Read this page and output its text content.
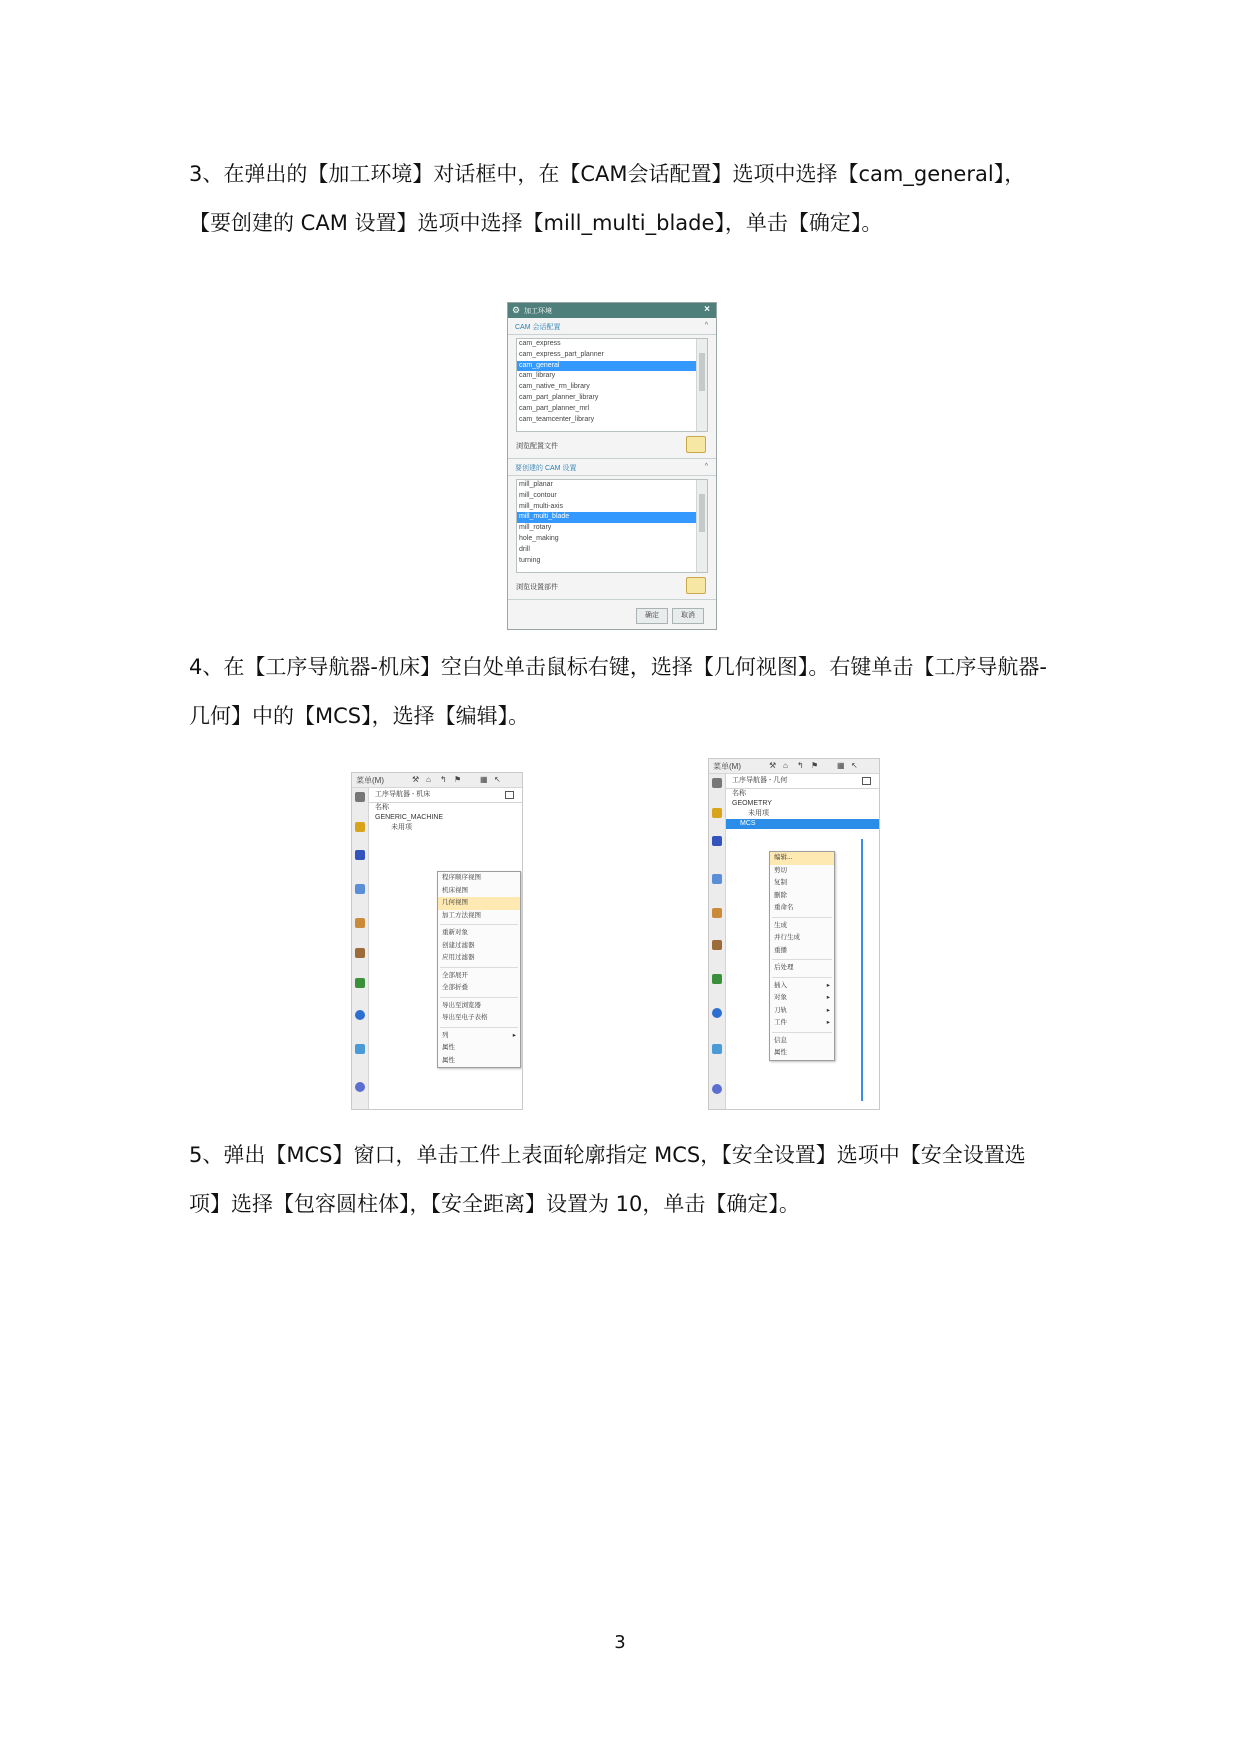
3、在弹出的【加工环境】对话框中，在【CAM会话配置】选项中选择【cam_general】，【要创建的 CAM 设置】选项中选择【mill_multi_blade】，单击【确定】。

⚙ 加工环境	×
CAM 会话配置	^
cam_express
cam_express_part_planner
cam_general
cam_library
cam_native_rm_library
cam_part_planner_library
cam_part_planner_mrl
cam_teamcenter_library
浏览配置文件
要创建的 CAM 设置	^
mill_planar
mill_contour
mill_multi-axis
mill_multi_blade
mill_rotary
hole_making
drill
turning
浏览设置部件
确定	取消

4、在【工序导航器-机床】空白处单击鼠标右键，选择【几何视图】。右键单击【工序导航器-几何】中的【MCS】，选择【编辑】。

菜单(M)	⚒ ⌂ ↰ ⚑ ▦ ↖
工序导航器 - 机床
名称
GENERIC_MACHINE
未用项
程序顺序视图
机床视图
几何视图
加工方法视图
重新对象
创建过滤器
应用过滤器
全部展开
全部折叠
导出至浏览器
导出至电子表格
列	▸
属性
属性
菜单(M)	⚒ ⌂ ↰ ⚑ ▦ ↖
工序导航器 - 几何
名称
GEOMETRY
未用项
MCS
编辑...
剪切
复制
删除
重命名
生成
并行生成
重播
后处理
插入	▸
对象	▸
刀轨	▸
工件	▸
信息
属性

5、弹出【MCS】窗口，单击工件上表面轮廓指定 MCS，【安全设置】选项中【安全设置选项】选择【包容圆柱体】，【安全距离】设置为 10，单击【确定】。

3
